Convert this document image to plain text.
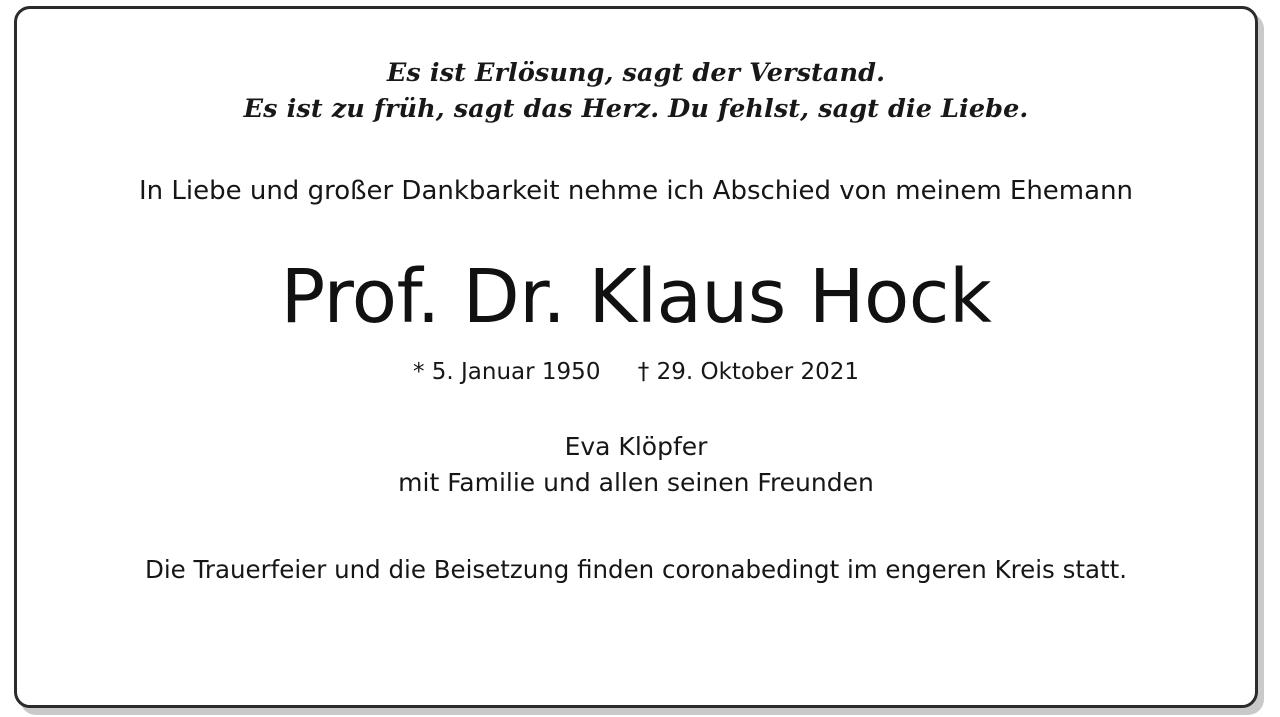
Es ist Erlösung, sagt der Verstand.
Es ist zu früh, sagt das Herz. Du fehlst, sagt die Liebe.
In Liebe und großer Dankbarkeit nehme ich Abschied von meinem Ehemann
Prof. Dr. Klaus Hock
* 5. Januar 1950 † 29. Oktober 2021
Eva Klöpfer
mit Familie und allen seinen Freunden
Die Trauerfeier und die Beisetzung finden coronabedingt im engeren Kreis statt.
